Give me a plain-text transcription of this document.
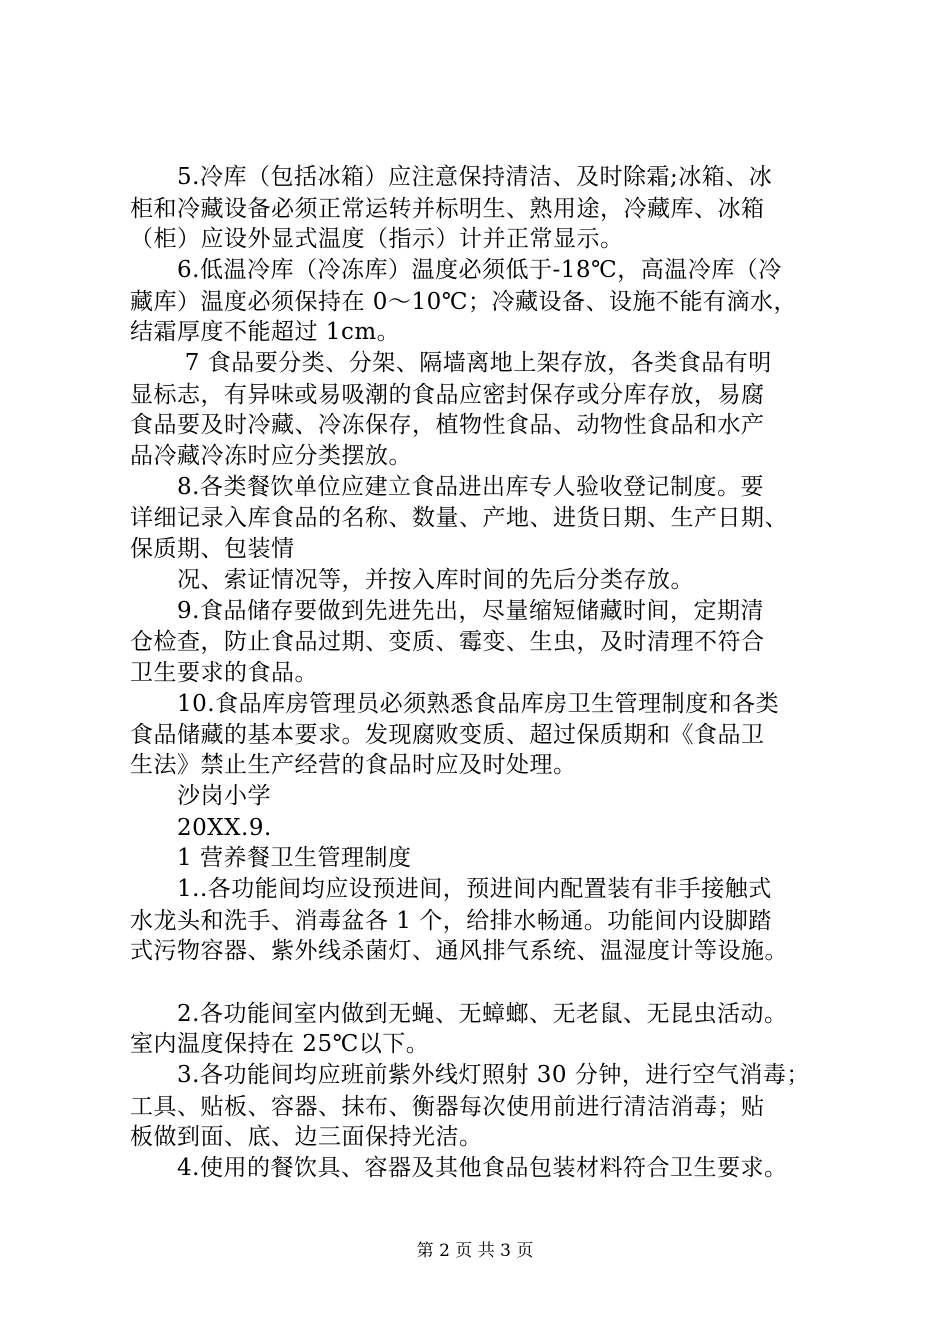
　　5.冷库（包括冰箱）应注意保持清洁、及时除霜;冰箱、冰
柜和冷藏设备必须正常运转并标明生、熟用途，冷藏库、冰箱
（柜）应设外显式温度（指示）计并正常显示。
　　6.低温冷库（冷冻库）温度必须低于-18℃，高温冷库（冷
藏库）温度必须保持在 0～10℃；冷藏设备、设施不能有滴水，
结霜厚度不能超过 1cm。
　　 7 食品要分类、分架、隔墙离地上架存放，各类食品有明
显标志，有异味或易吸潮的食品应密封保存或分库存放，易腐
食品要及时冷藏、冷冻保存，植物性食品、动物性食品和水产
品冷藏冷冻时应分类摆放。
　　8.各类餐饮单位应建立食品进出库专人验收登记制度。要
详细记录入库食品的名称、数量、产地、进货日期、生产日期、
保质期、包装情
　　况、索证情况等，并按入库时间的先后分类存放。
　　9.食品储存要做到先进先出，尽量缩短储藏时间，定期清
仓检查，防止食品过期、变质、霉变、生虫，及时清理不符合
卫生要求的食品。
　　10.食品库房管理员必须熟悉食品库房卫生管理制度和各类
食品储藏的基本要求。发现腐败变质、超过保质期和《食品卫
生法》禁止生产经营的食品时应及时处理。
　　沙岗小学
　　20XX.9.
　　1 营养餐卫生管理制度
　　1..各功能间均应设预进间，预进间内配置装有非手接触式
水龙头和洗手、消毒盆各 1 个，给排水畅通。功能间内设脚踏
式污物容器、紫外线杀菌灯、通风排气系统、温湿度计等设施。
　　2.各功能间室内做到无蝇、无蟑螂、无老鼠、无昆虫活动。
室内温度保持在 25℃以下。
　　3.各功能间均应班前紫外线灯照射 30 分钟，进行空气消毒；
工具、贴板、容器、抹布、衡器每次使用前进行清洁消毒；贴
板做到面、底、边三面保持光洁。
　　4.使用的餐饮具、容器及其他食品包装材料符合卫生要求。
第 2 页 共 3 页
